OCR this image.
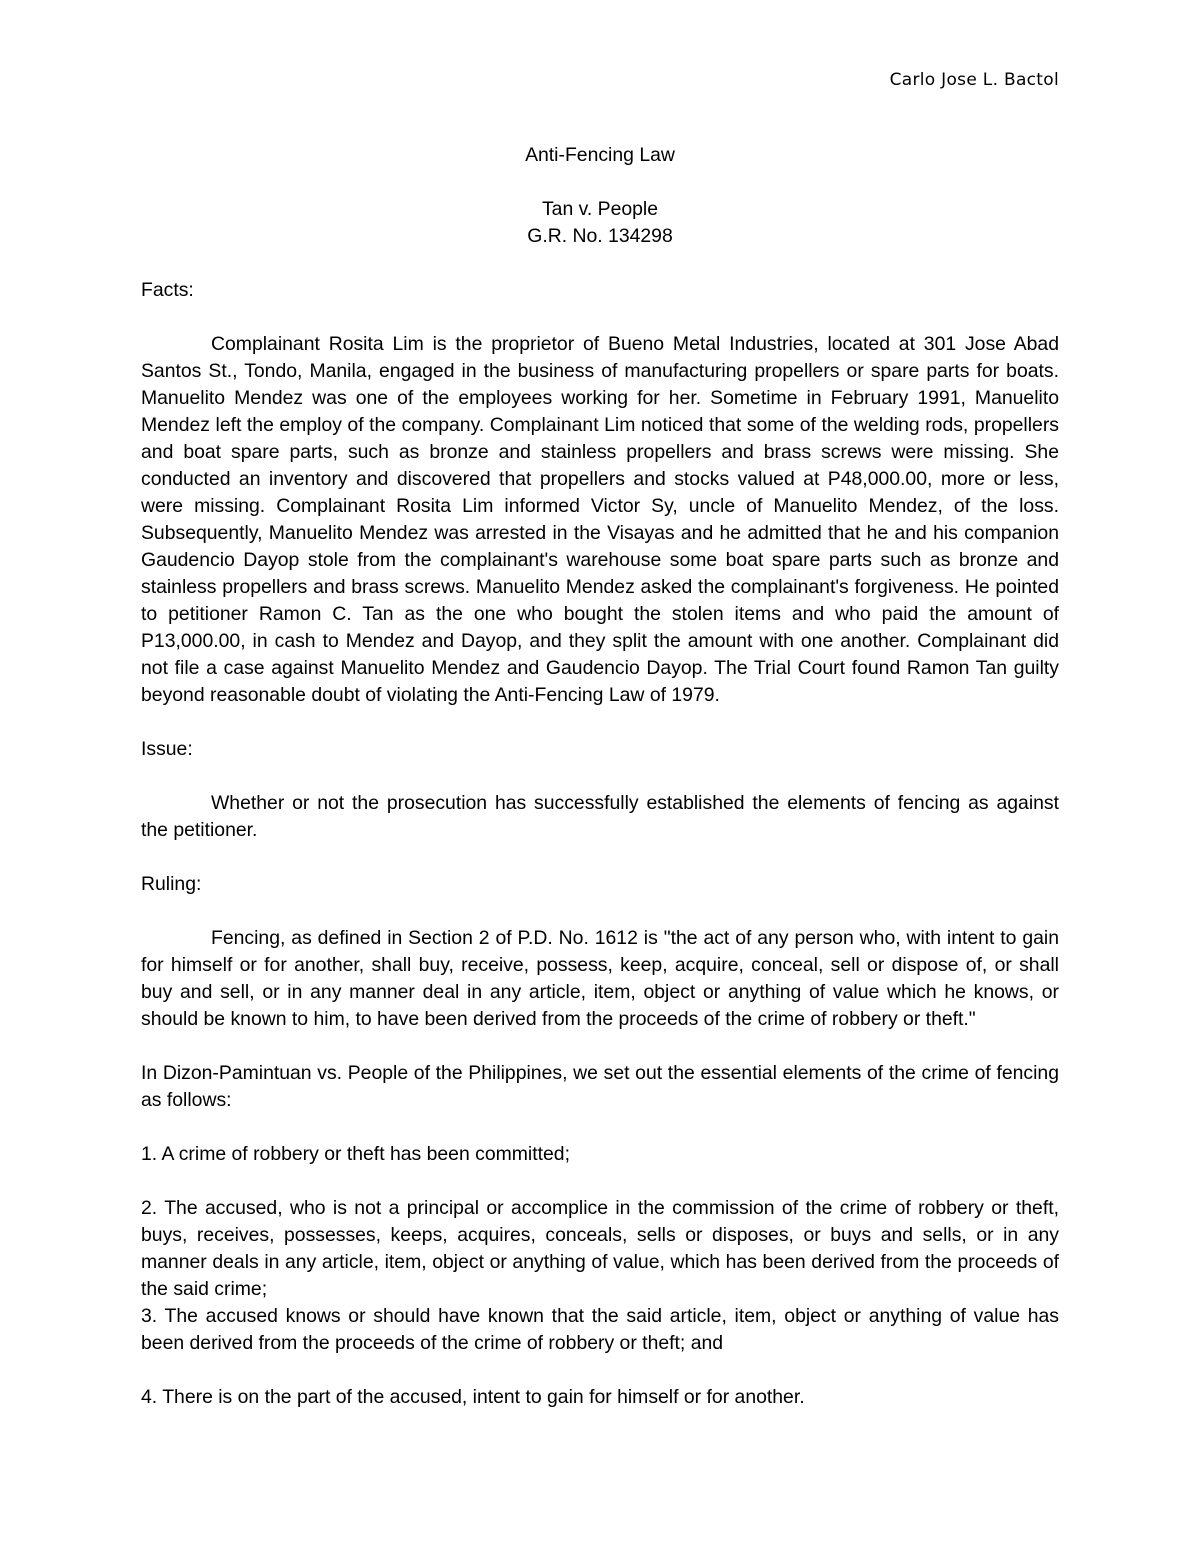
Carlo Jose L. Bactol
Anti-Fencing Law
Tan v. People
G.R. No. 134298
Facts:

Complainant Rosita Lim is the proprietor of Bueno Metal Industries, located at 301 Jose Abad Santos St., Tondo, Manila, engaged in the business of manufacturing propellers or spare parts for boats. Manuelito Mendez was one of the employees working for her. Sometime in February 1991, Manuelito Mendez left the employ of the company. Complainant Lim noticed that some of the welding rods, propellers and boat spare parts, such as bronze and stainless propellers and brass screws were missing. She conducted an inventory and discovered that propellers and stocks valued at P48,000.00, more or less, were missing. Complainant Rosita Lim informed Victor Sy, uncle of Manuelito Mendez, of the loss. Subsequently, Manuelito Mendez was arrested in the Visayas and he admitted that he and his companion Gaudencio Dayop stole from the complainant's warehouse some boat spare parts such as bronze and stainless propellers and brass screws. Manuelito Mendez asked the complainant's forgiveness. He pointed to petitioner Ramon C. Tan as the one who bought the stolen items and who paid the amount of P13,000.00, in cash to Mendez and Dayop, and they split the amount with one another. Complainant did not file a case against Manuelito Mendez and Gaudencio Dayop. The Trial Court found Ramon Tan guilty beyond reasonable doubt of violating the Anti-Fencing Law of 1979.

Issue:

Whether or not the prosecution has successfully established the elements of fencing as against the petitioner.

Ruling:

Fencing, as defined in Section 2 of P.D. No. 1612 is "the act of any person who, with intent to gain for himself or for another, shall buy, receive, possess, keep, acquire, conceal, sell or dispose of, or shall buy and sell, or in any manner deal in any article, item, object or anything of value which he knows, or should be known to him, to have been derived from the proceeds of the crime of robbery or theft."

In Dizon-Pamintuan vs. People of the Philippines, we set out the essential elements of the crime of fencing as follows:

1. A crime of robbery or theft has been committed;

2. The accused, who is not a principal or accomplice in the commission of the crime of robbery or theft, buys, receives, possesses, keeps, acquires, conceals, sells or disposes, or buys and sells, or in any manner deals in any article, item, object or anything of value, which has been derived from the proceeds of the said crime;

3. The accused knows or should have known that the said article, item, object or anything of value has been derived from the proceeds of the crime of robbery or theft; and

4. There is on the part of the accused, intent to gain for himself or for another.
